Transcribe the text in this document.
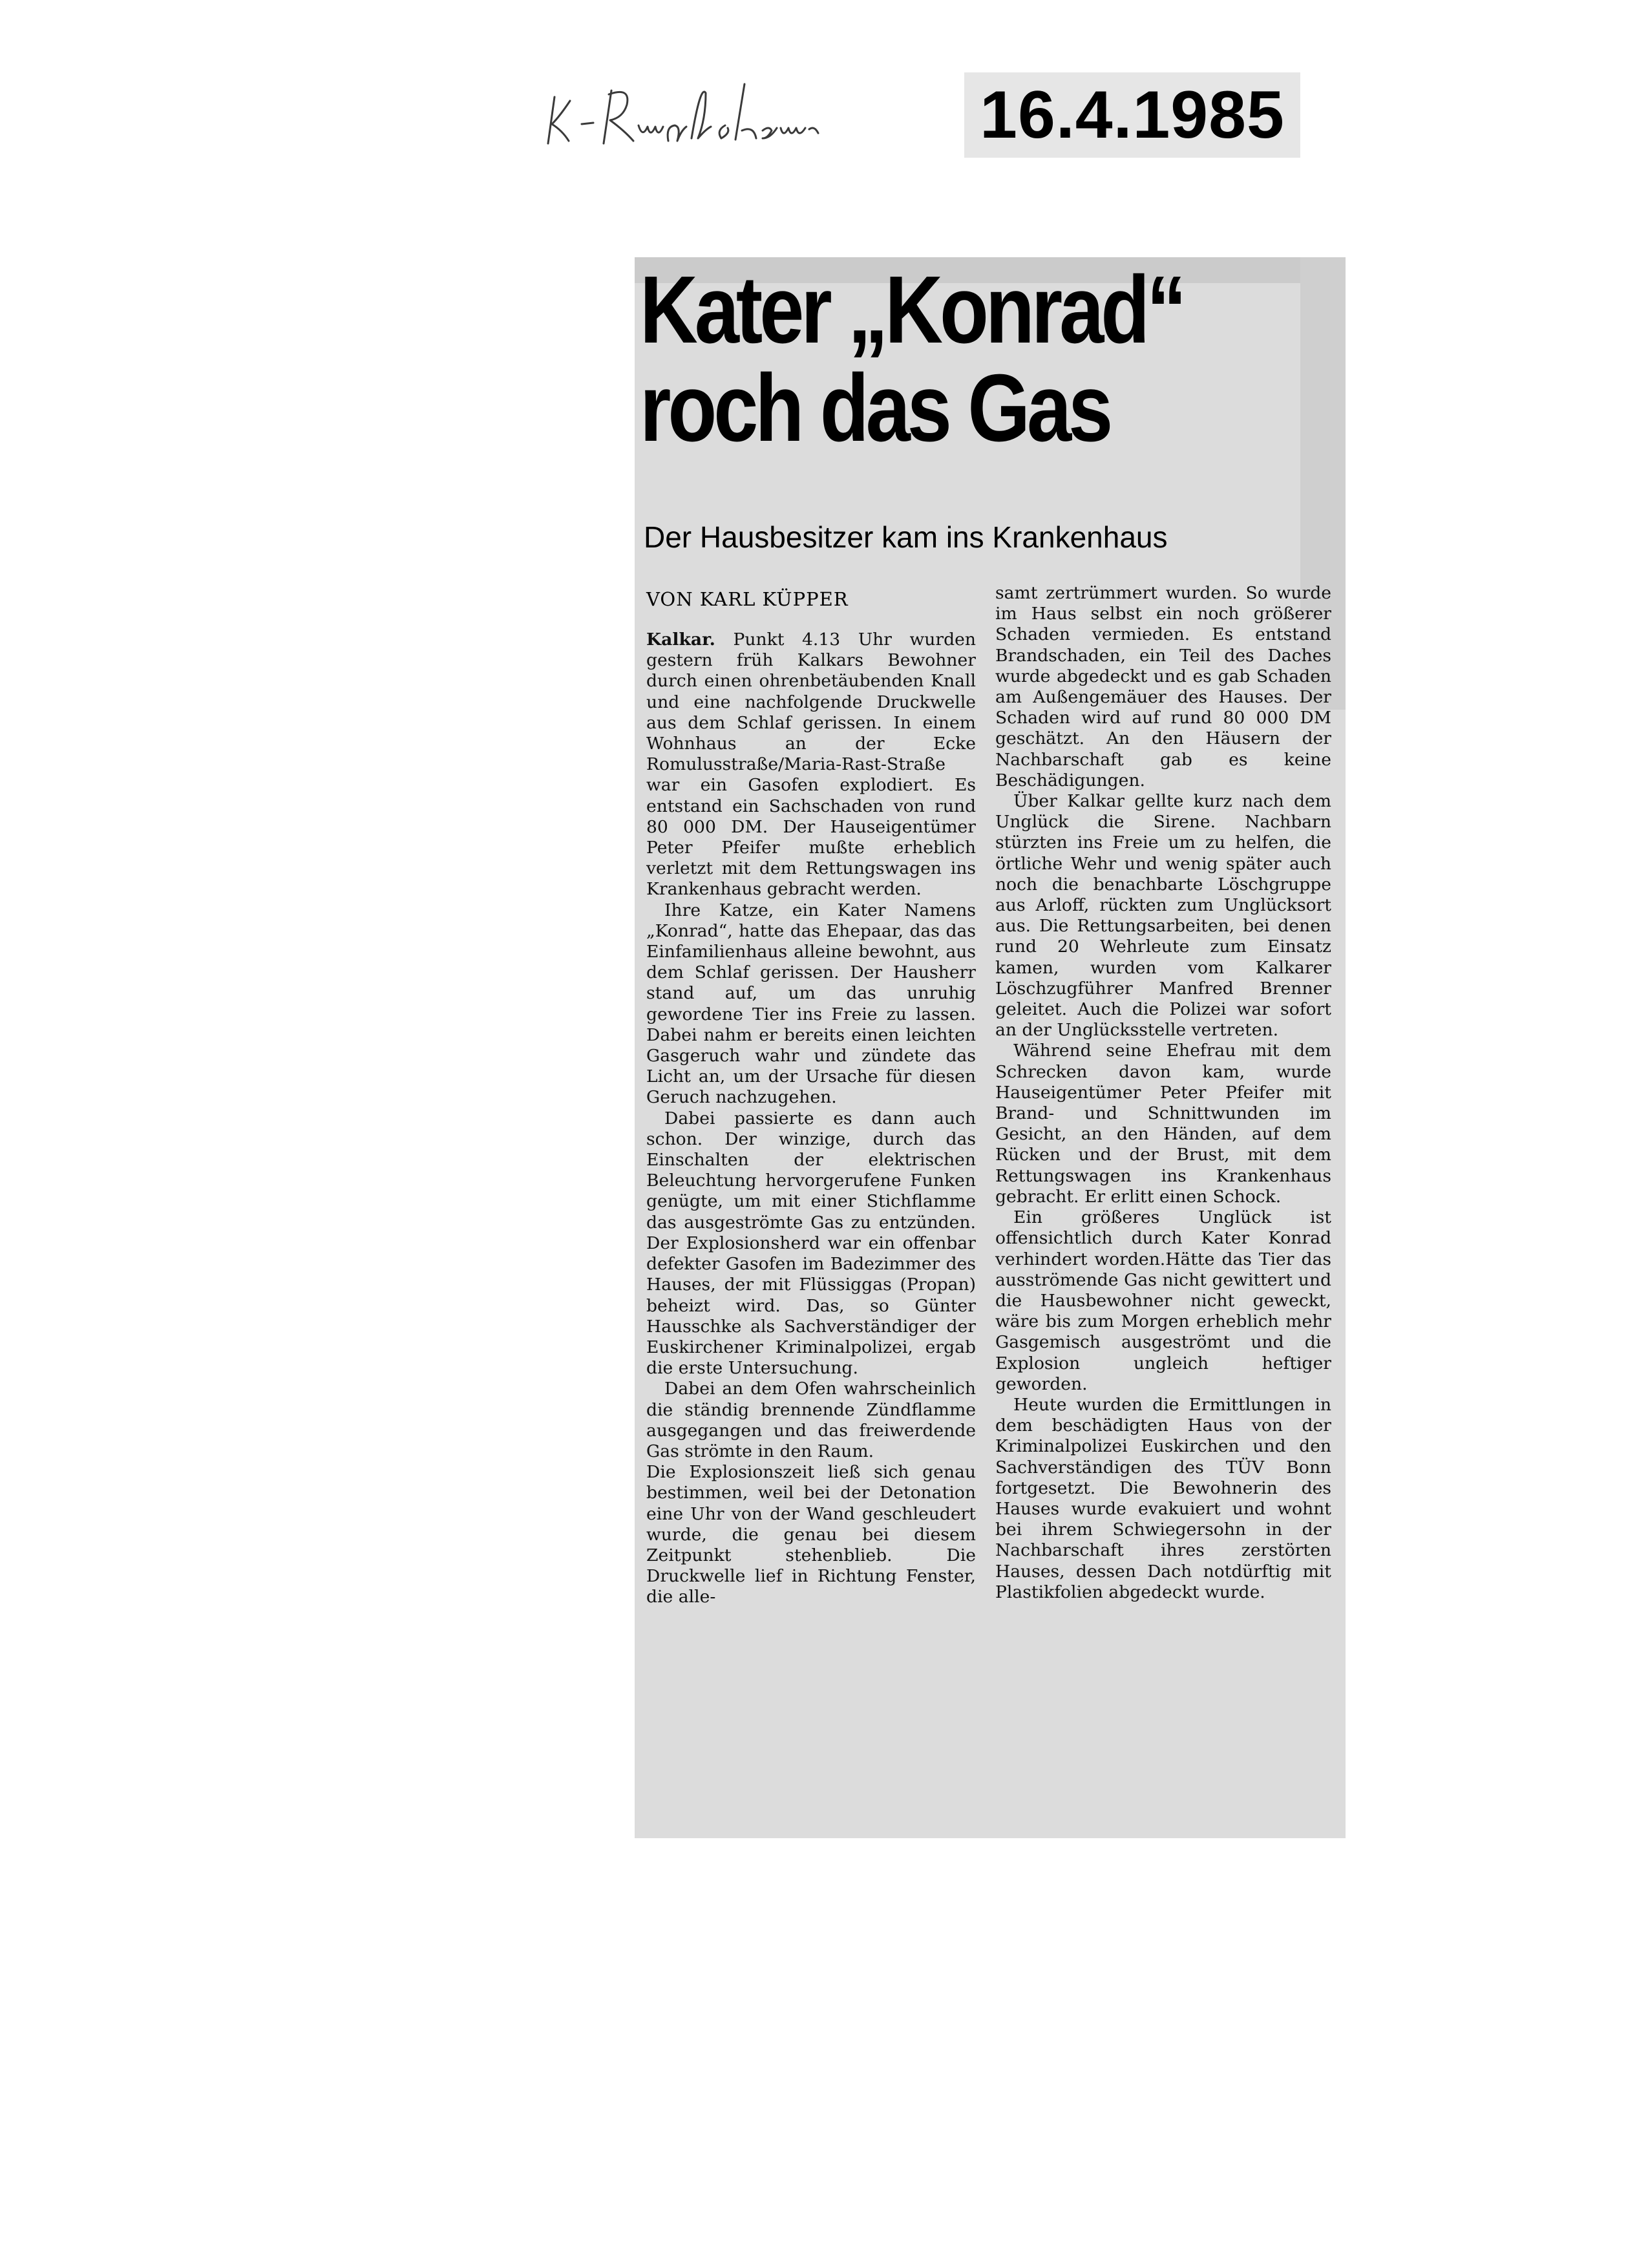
16.4.1985
Kater „Konrad“
roch das Gas
Der Hausbesitzer kam ins Krankenhaus
VON KARL KÜPPER

Kalkar. Punkt 4.13 Uhr wurden gestern früh Kalkars Bewohner durch einen ohrenbetäubenden Knall und eine nachfolgende Druckwelle aus dem Schlaf gerissen. In einem Wohnhaus an der Ecke Romulusstraße/Maria-Rast-Straße war ein Gasofen explodiert. Es entstand ein Sachschaden von rund 80 000 DM. Der Hauseigentümer Peter Pfeifer mußte erheblich verletzt mit dem Rettungswagen ins Krankenhaus gebracht werden.

Ihre Katze, ein Kater Namens „Konrad“, hatte das Ehepaar, das das Einfamilienhaus alleine bewohnt, aus dem Schlaf gerissen. Der Hausherr stand auf, um das unruhig gewordene Tier ins Freie zu lassen. Dabei nahm er bereits einen leichten Gasgeruch wahr und zündete das Licht an, um der Ursache für diesen Geruch nachzugehen.

Dabei passierte es dann auch schon. Der winzige, durch das Einschalten der elektrischen Beleuchtung hervorgerufene Funken genügte, um mit einer Stichflamme das ausgeströmte Gas zu entzünden. Der Explosionsherd war ein offenbar defekter Gasofen im Badezimmer des Hauses, der mit Flüssiggas (Propan) beheizt wird. Das, so Günter Hausschke als Sachverständiger der Euskirchener Kriminalpolizei, ergab die erste Untersuchung.

Dabei an dem Ofen wahrscheinlich die ständig brennende Zündflamme ausgegangen und das freiwerdende Gas strömte in den Raum.

Die Explosionszeit ließ sich genau bestimmen, weil bei der Detonation eine Uhr von der Wand geschleudert wurde, die genau bei diesem Zeitpunkt stehenblieb. Die Druckwelle lief in Richtung Fenster, die alle-

samt zertrümmert wurden. So wurde im Haus selbst ein noch größerer Schaden vermieden. Es entstand Brandschaden, ein Teil des Daches wurde abgedeckt und es gab Schaden am Außengemäuer des Hauses. Der Schaden wird auf rund 80 000 DM geschätzt. An den Häusern der Nachbarschaft gab es keine Beschädigungen.

Über Kalkar gellte kurz nach dem Unglück die Sirene. Nachbarn stürzten ins Freie um zu helfen, die örtliche Wehr und wenig später auch noch die benachbarte Löschgruppe aus Arloff, rückten zum Unglücksort aus. Die Rettungsarbeiten, bei denen rund 20 Wehrleute zum Einsatz kamen, wurden vom Kalkarer Löschzugführer Manfred Brenner geleitet. Auch die Polizei war sofort an der Unglücksstelle vertreten.

Während seine Ehefrau mit dem Schrecken davon kam, wurde Hauseigentümer Peter Pfeifer mit Brand- und Schnittwunden im Gesicht, an den Händen, auf dem Rücken und der Brust, mit dem Rettungswagen ins Krankenhaus gebracht. Er erlitt einen Schock.

Ein größeres Unglück ist offensichtlich durch Kater Konrad verhindert worden.Hätte das Tier das ausströmende Gas nicht gewittert und die Hausbewohner nicht geweckt, wäre bis zum Morgen erheblich mehr Gasgemisch ausgeströmt und die Explosion ungleich heftiger geworden.

Heute wurden die Ermittlungen in dem beschädigten Haus von der Kriminalpolizei Euskirchen und den Sachverständigen des TÜV Bonn fortgesetzt. Die Bewohnerin des Hauses wurde evakuiert und wohnt bei ihrem Schwiegersohn in der Nachbarschaft ihres zerstörten Hauses, dessen Dach notdürftig mit Plastikfolien abgedeckt wurde.
